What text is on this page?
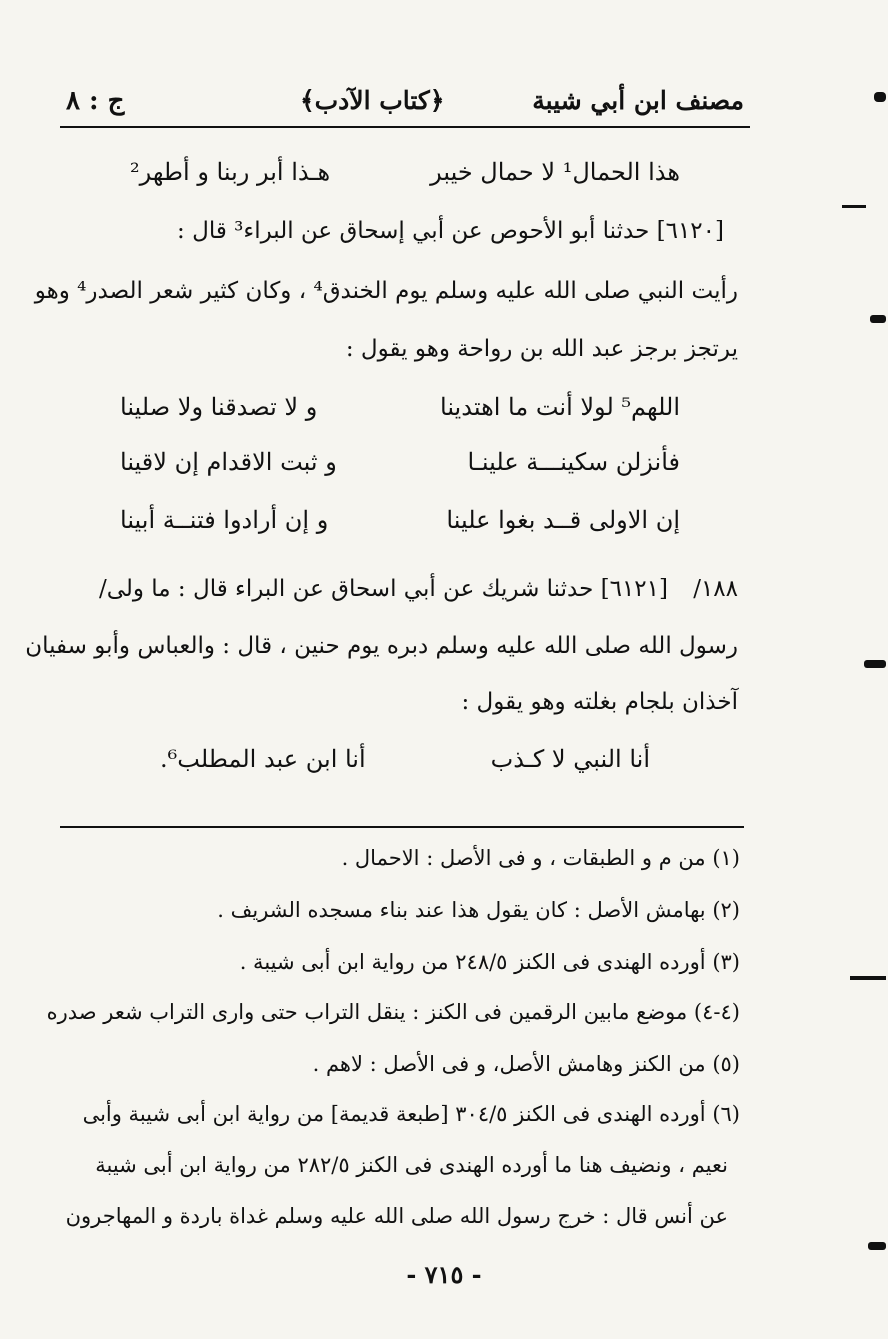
مصنف ابن أبي شيبة
﴿كتاب الآدب﴾
ج : ٨
هذا الحمال¹ لا حمال خيبر
هـذا أبر ربنا و أطهر²
[٦١٢٠] حدثنا أبو الأحوص عن أبي إسحاق عن البراء³ قال :
رأيت النبي صلى الله عليه وسلم يوم الخندق⁴ ، وكان كثير شعر الصدر⁴ وهو
يرتجز برجز عبد الله بن رواحة وهو يقول :
اللهم⁵ لولا أنت ما اهتدينا
و لا تصدقنا ولا صلينا
فأنزلن سكينـــة علينـا
و ثبت الاقدام إن لاقينا
إن الاولى قــد بغوا علينا
و إن أرادوا فتنــة أبينا
١٨٨/
[٦١٢١] حدثنا شريك عن أبي اسحاق عن البراء قال : ما ولى/
رسول الله صلى الله عليه وسلم دبره يوم حنين ، قال : والعباس وأبو سفيان
آخذان بلجام بغلته وهو يقول :
أنا النبي لا كـذب
أنا ابن عبد المطلب⁶.
(١) من م و الطبقات ، و فى الأصل : الاحمال .
(٢) بهامش الأصل : كان يقول هذا عند بناء مسجده الشريف .
(٣) أورده الهندى فى الكنز ٢٤٨/٥ من رواية ابن أبى شيبة .
(٤-٤) موضع مابين الرقمين فى الكنز : ينقل التراب حتى وارى التراب شعر صدره
(٥) من الكنز وهامش الأصل، و فى الأصل : لاهم .
(٦) أورده الهندى فى الكنز ٣٠٤/٥ [طبعة قديمة] من رواية ابن أبى شيبة وأبى
نعيم ، ونضيف هنا ما أورده الهندى فى الكنز ٢٨٢/٥ من رواية ابن أبى شيبة
عن أنس قال : خرج رسول الله صلى الله عليه وسلم غداة باردة و المهاجرون
- ٧١٥ -
